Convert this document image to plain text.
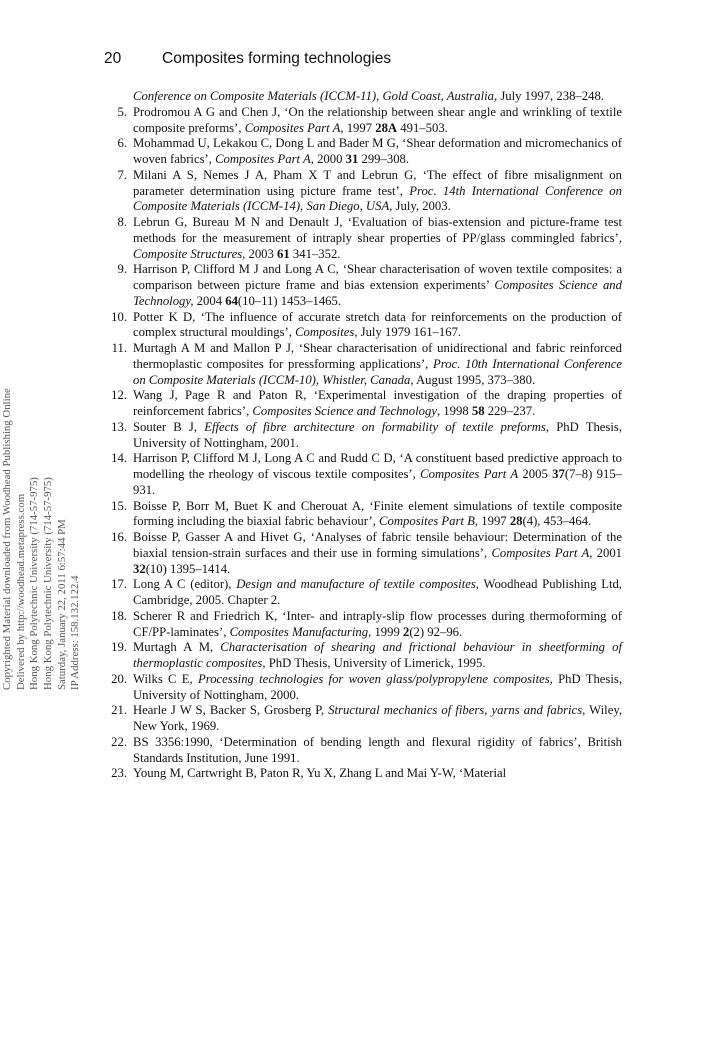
20	Composites forming technologies
Copyrighted Material downloaded from Woodhead Publishing Online Delivered by http://woodhead.metapress.com Hong Kong Polytechnic University (714-57-975) Hong Kong Polytechnic University (714-57-975) Saturday, January 22, 2011 6:57:44 PM IP Address: 158.132.122.4
Conference on Composite Materials (ICCM-11), Gold Coast, Australia, July 1997, 238–248.
5. Prodromou A G and Chen J, ‘On the relationship between shear angle and wrinkling of textile composite preforms’, Composites Part A, 1997 28A 491–503.
6. Mohammad U, Lekakou C, Dong L and Bader M G, ‘Shear deformation and micromechanics of woven fabrics’, Composites Part A, 2000 31 299–308.
7. Milani A S, Nemes J A, Pham X T and Lebrun G, ‘The effect of fibre misalignment on parameter determination using picture frame test’, Proc. 14th International Conference on Composite Materials (ICCM-14), San Diego, USA, July, 2003.
8. Lebrun G, Bureau M N and Denault J, ‘Evaluation of bias-extension and picture-frame test methods for the measurement of intraply shear properties of PP/glass commingled fabrics’, Composite Structures, 2003 61 341–352.
9. Harrison P, Clifford M J and Long A C, ‘Shear characterisation of woven textile composites: a comparison between picture frame and bias extension experiments’ Composites Science and Technology, 2004 64(10–11) 1453–1465.
10. Potter K D, ‘The influence of accurate stretch data for reinforcements on the production of complex structural mouldings’, Composites, July 1979 161–167.
11. Murtagh A M and Mallon P J, ‘Shear characterisation of unidirectional and fabric reinforced thermoplastic composites for pressforming applications’, Proc. 10th International Conference on Composite Materials (ICCM-10), Whistler, Canada, August 1995, 373–380.
12. Wang J, Page R and Paton R, ‘Experimental investigation of the draping properties of reinforcement fabrics’, Composites Science and Technology, 1998 58 229–237.
13. Souter B J, Effects of fibre architecture on formability of textile preforms, PhD Thesis, University of Nottingham, 2001.
14. Harrison P, Clifford M J, Long A C and Rudd C D, ‘A constituent based predictive approach to modelling the rheology of viscous textile composites’, Composites Part A 2005 37(7–8) 915–931.
15. Boisse P, Borr M, Buet K and Cherouat A, ‘Finite element simulations of textile composite forming including the biaxial fabric behaviour’, Composites Part B, 1997 28(4), 453–464.
16. Boisse P, Gasser A and Hivet G, ‘Analyses of fabric tensile behaviour: Determination of the biaxial tension-strain surfaces and their use in forming simulations’, Composites Part A, 2001 32(10) 1395–1414.
17. Long A C (editor), Design and manufacture of textile composites, Woodhead Publishing Ltd, Cambridge, 2005. Chapter 2.
18. Scherer R and Friedrich K, ‘Inter- and intraply-slip flow processes during thermoforming of CF/PP-laminates’, Composites Manufacturing, 1999 2(2) 92–96.
19. Murtagh A M, Characterisation of shearing and frictional behaviour in sheetforming of thermoplastic composites, PhD Thesis, University of Limerick, 1995.
20. Wilks C E, Processing technologies for woven glass/polypropylene composites, PhD Thesis, University of Nottingham, 2000.
21. Hearle J W S, Backer S, Grosberg P, Structural mechanics of fibers, yarns and fabrics, Wiley, New York, 1969.
22. BS 3356:1990, ‘Determination of bending length and flexural rigidity of fabrics’, British Standards Institution, June 1991.
23. Young M, Cartwright B, Paton R, Yu X, Zhang L and Mai Y-W, ‘Material
